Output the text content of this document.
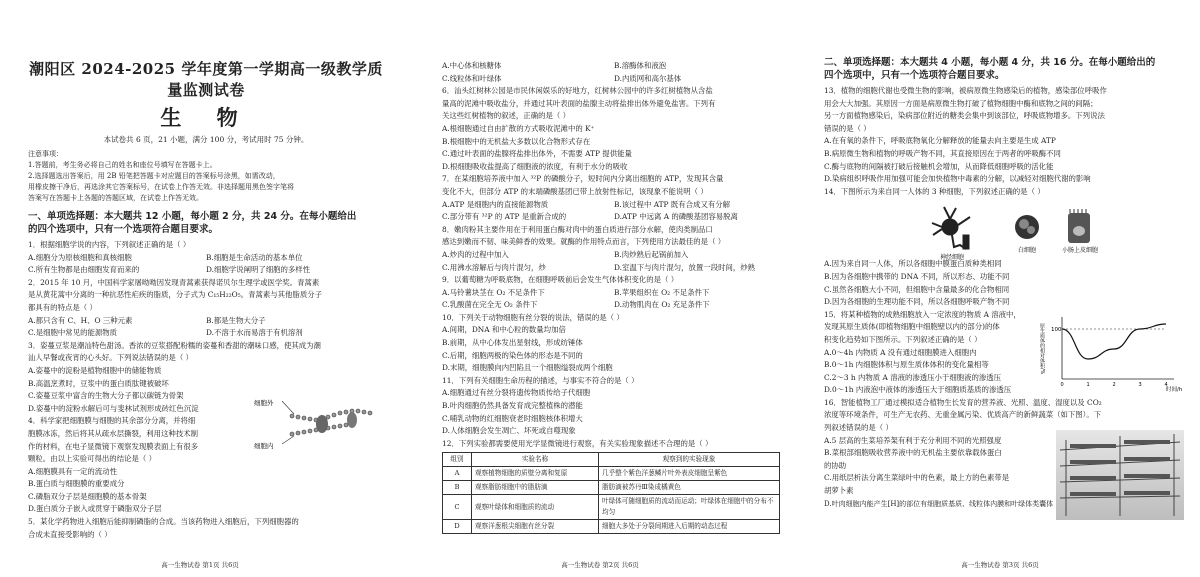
潮阳区 2024-2025 学年度第一学期高一级教学质量监测试卷

生 物

本试卷共 6 页，21 小题，满分 100 分，考试用时 75 分钟。

注意事项：

1.答题前，考生务必将自己的姓名和座位号填写在答题卡上。

2.选择题选出答案后，用 2B 铅笔把答题卡对应题目的答案标号涂黑，如需改动，

用橡皮擦干净后，再选涂其它答案标号，在试卷上作答无效。非选择题用黑色签字笔将

答案写在答题卡上各题的答题区域，在试卷上作答无效。

一、单项选择题：本大题共 12 小题，每小题 2 分，共 24 分。在每小题给出
的四个选项中，只有一个选项符合题目要求。

1．根据细胞学说的内容，下列叙述正确的是（ ）

A.细胞分为原核细胞和真核细胞	B.细胞是生命活动的基本单位

C.所有生物都是由细胞发育而来的	D.细胞学说阐明了细胞的多样性

2．2015 年 10 月，中国科学家屠呦呦因发现青蒿素获得诺贝尔生理学或医学奖。青蒿素

是从黄花蒿中分离的一种抗恶性疟疾的脂质，分子式为 C₁₅H₂₂O₅。青蒿素与其他脂质分子

都具有的特点是（ ）

A.都只含有 C、H、O 三种元素	B.都是生物大分子

C.是细胞中常见的能源物质	D.不溶于水而易溶于有机溶剂

3．姿蔓豆浆是潮汕特色甜汤。香浓的豆浆搭配粉糯的姿蔓和香甜的潮味口感，使其成为潮

汕人早餐或夜宵的心头好。下列说法错误的是（ ）

A.姿蔓中的淀粉是植物细胞中的储能物质

B.高温烹煮时，豆浆中的蛋白质肽键被破坏

C.姿蔓豆浆中富含的生物大分子都以碳链为骨架

D.姿蔓中的淀粉水解后可与斐林试剂形成砖红色沉淀

4．科学家把细胞膜与细胞的其余部分分离，并将细

胞膜冰冻，然后将其从疏水层撕裂，利用这种技术制

作的材料，在电子显微镜下观察发现膜表面上有很多

颗粒。由以上实验可得出的结论是（ ）

A.细胞膜具有一定的流动性

B.蛋白质与细胞膜的重要成分

C.磷脂双分子层是细胞膜的基本骨架

D.蛋白质分子嵌入或贯穿于磷脂双分子层

5．某化学药物进入细胞后能抑制磷脂的合成。当该药物进入细胞后，下列细胞器的

合成未直接受影响的（ ）

细胞外
细胞内
高一生物试卷 第1页 共6页

A.中心体和核糖体	B.溶酶体和液泡

C.线粒体和叶绿体	D.内质网和高尔基体

6．汕头红树林公园是市民休闲娱乐的好地方，红树林公园中的许多红树植物从含盐

量高的泥滩中吸收盐分，并通过其叶表面的盐腺主动将盐排出体外避免盐害。下列有

关这些红树植物的叙述，正确的是（ ）

A.根细胞通过自由扩散的方式吸收泥滩中的 K⁺

B.根细胞中的无机盐大多数以化合物形式存在

C.通过叶表面的盐腺将盐排出体外，不需要 ATP 提供能量

D.根细胞吸收盐提高了细胞液的浓度，有利于水分的吸收

7．在某细胞培养液中加入 ³²P 的磷酸分子，短时间内分离出细胞的 ATP，发现其含量

变化不大，但部分 ATP 的末端磷酸基团已带上放射性标记，该现象不能说明（ ）

A.ATP 是细胞内的直接能源物质	B.该过程中 ATP 既有合成又有分解

C.部分带有 ³²P 的 ATP 是重新合成的	D.ATP 中远离 A 的磷酸基团容易脱离

8．嫩肉粉其主要作用在于利用蛋白酶对肉中的蛋白质进行部分水解，使肉类制品口

感达到嫩而不韧、味美鲜香的效果。就酶的作用特点而言，下列使用方法最佳的是（ ）

A.炒肉的过程中加入	B.肉炒熟后起锅前加入

C.用沸水溶解后与肉片混匀，炒	D.室温下与肉片混匀，放置一段时间，炒熟

9．以葡萄糖为呼吸底物，在细胞呼吸前后会发生气体体积变化的是（ ）

A.马铃薯块茎在 O₂ 不足条件下	B.苹果组织在 O₂ 不足条件下

C.乳酸菌在完全无 O₂ 条件下	D.动物肌肉在 O₂ 充足条件下

10．下列关于动物细胞有丝分裂的说法，错误的是（ ）

A.间期，DNA 和中心粒的数量均加倍

B.前期，从中心体发出星射线，形成纺锤体

C.后期，细胞两极的染色体的形态是不同的

D.末期，细胞膜向内凹陷且一个细胞缢裂成两个细胞

11．下列有关细胞生命历程的描述，与事实不符合的是（ ）

A.细胞通过有丝分裂将遗传物质传给子代细胞

B.叶肉细胞仍然具备发育成完整植株的潜能

C.哺乳动物的红细胞衰老时细胞核体积增大

D.人体细胞会发生凋亡、坏死或自噬现象

12．下列实验都需要使用光学显微镜进行观察，有关实验现象描述不合理的是（ ）

组别	实验名称	观察到的实验现象
A	观察植物细胞的质壁分离和复原	几乎整个紫色洋葱鳞片叶外表皮细胞呈紫色
B	观察脂肪细胞中的脂肪滴	脂肪滴被苏丹Ⅲ染成橘黄色
C	观察叶绿体和细胞质的流动	叶绿体可随细胞质的流动而运动；叶绿体在细胞中的分布不均匀
D	观察洋葱根尖细胞有丝分裂	细胞大多处于分裂间期进入后期的动态过程
高一生物试卷 第2页 共6页

二、单项选择题：本大题共 4 小题，每小题 4 分，共 16 分。在每小题给出的
四个选项中，只有一个选项符合题目要求。

13．植物的细胞代谢也受微生物的影响，被病原微生物感染后的植物，感染部位呼吸作

用会大大加强。其原因一方面是病原微生物打破了植物细胞中酶和底物之间的间隔；

另一方面植物感染后，染病部位附近的糖类会集中到该部位，呼吸底物增多。下列说法

错误的是（ ）

A.在有氧的条件下，呼吸底物氧化分解释放的能量去向主要是生成 ATP

B.病原微生物和植物的呼吸产物不同，其直接原因在于两者的呼吸酶不同

C.酶与底物的间隔被打破后接触机会增加，从而降低细胞呼吸的活化能

D.染病组织呼吸作用加强可能会加快植物中毒素的分解，以减轻对细胞代谢的影响

14．下图所示为来自同一人体的 3 种细胞，下列叙述正确的是（ ）

A.因为来自同一人体，所以各细胞中膜蛋白质种类相同

B.因为各细胞中携带的 DNA 不同，所以形态、功能不同

C.虽然各细胞大小不同，但细胞中含量最多的化合物相同

D.因为各细胞的生理功能不同，所以各细胞呼吸产物不同

15．将某种植物的成熟细胞放入一定浓度的物质 A 溶液中，

发现其原生质体(即植物细胞中细胞壁以内的部分)的体

积变化趋势如下图所示。下列叙述正确的是（ ）

A.0～4h 内物质 A 没有通过细胞膜进入细胞内

B.0～1h 内细胞体积与原生质体体积的变化量相等

C.2～3 h 内物质 A 溶液的渗透压小于细胞液的渗透压

D.0～1h 内液泡中液体的渗透压大于细胞质基质的渗透压

16．智能植物工厂通过模拟适合植物生长发育的营养液、光照、温度、湿度以及 CO₂

浓度等环境条件，可生产无农药、无重金属污染、优质高产的新鲜蔬菜（如下图）。下

列叙述错误的是（ ）

A.5 层高的生菜培养架有利于充分利用不同的光照强度

B.菜根部细胞吸收营养液中的无机盐主要依靠载体蛋白

的协助

C.用纸层析法分离生菜绿叶中的色素，最上方的色素带是

胡萝卜素

D.叶肉细胞内能产生[H]的部位有细胞质基质、线粒体内膜和叶绿体类囊体

神经细胞
白细胞	小肠上皮细胞
原生质体的相对体积/% 100
0	1	2	3	4
时间/h
高一生物试卷 第3页 共6页
